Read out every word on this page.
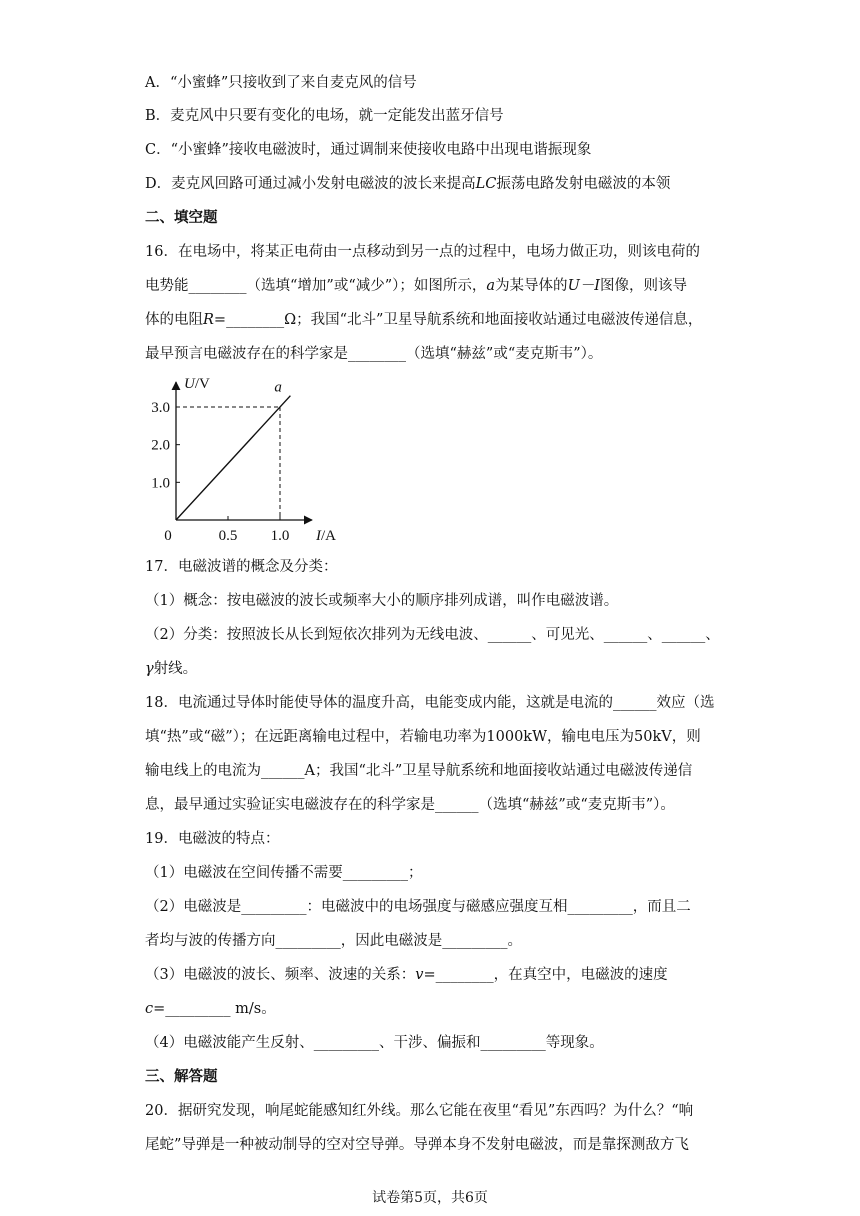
A．“小蜜蜂”只接收到了来自麦克风的信号
B．麦克风中只要有变化的电场，就一定能发出蓝牙信号
C．“小蜜蜂”接收电磁波时，通过调制来使接收电路中出现电谐振现象
D．麦克风回路可通过减小发射电磁波的波长来提高LC振荡电路发射电磁波的本领
二、填空题
16．在电场中，将某正电荷由一点移动到另一点的过程中，电场力做正功，则该电荷的
电势能________（选填“增加”或“减少”）；如图所示，a为某导体的U－I图像，则该导
体的电阻R=________Ω；我国“北斗”卫星导航系统和地面接收站通过电磁波传递信息，
最早预言电磁波存在的科学家是________（选填“赫兹”或“麦克斯韦”）。
1.0
2.0
3.0
0.5 1.0
a
0	I/A
U/V
17．电磁波谱的概念及分类：
（1）概念：按电磁波的波长或频率大小的顺序排列成谱，叫作电磁波谱。
（2）分类：按照波长从长到短依次排列为无线电波、______、可见光、______、______、
γ射线。
18．电流通过导体时能使导体的温度升高，电能变成内能，这就是电流的______效应（选
填“热”或“磁”）；在远距离输电过程中，若输电功率为1000kW，输电电压为50kV，则
输电线上的电流为______A；我国“北斗”卫星导航系统和地面接收站通过电磁波传递信
息，最早通过实验证实电磁波存在的科学家是______（选填“赫兹”或“麦克斯韦”）。
19．电磁波的特点：
（1）电磁波在空间传播不需要_________；
（2）电磁波是_________：电磁波中的电场强度与磁感应强度互相_________，而且二
者均与波的传播方向_________，因此电磁波是_________。
（3）电磁波的波长、频率、波速的关系：v=________，在真空中，电磁波的速度
c=_________ m/s。
（4）电磁波能产生反射、_________、干涉、偏振和_________等现象。
三、解答题
20．据研究发现，响尾蛇能感知红外线。那么它能在夜里“看见”东西吗？为什么？“响
尾蛇”导弹是一种被动制导的空对空导弹。导弹本身不发射电磁波，而是靠探测敌方飞
试卷第5页，共6页
